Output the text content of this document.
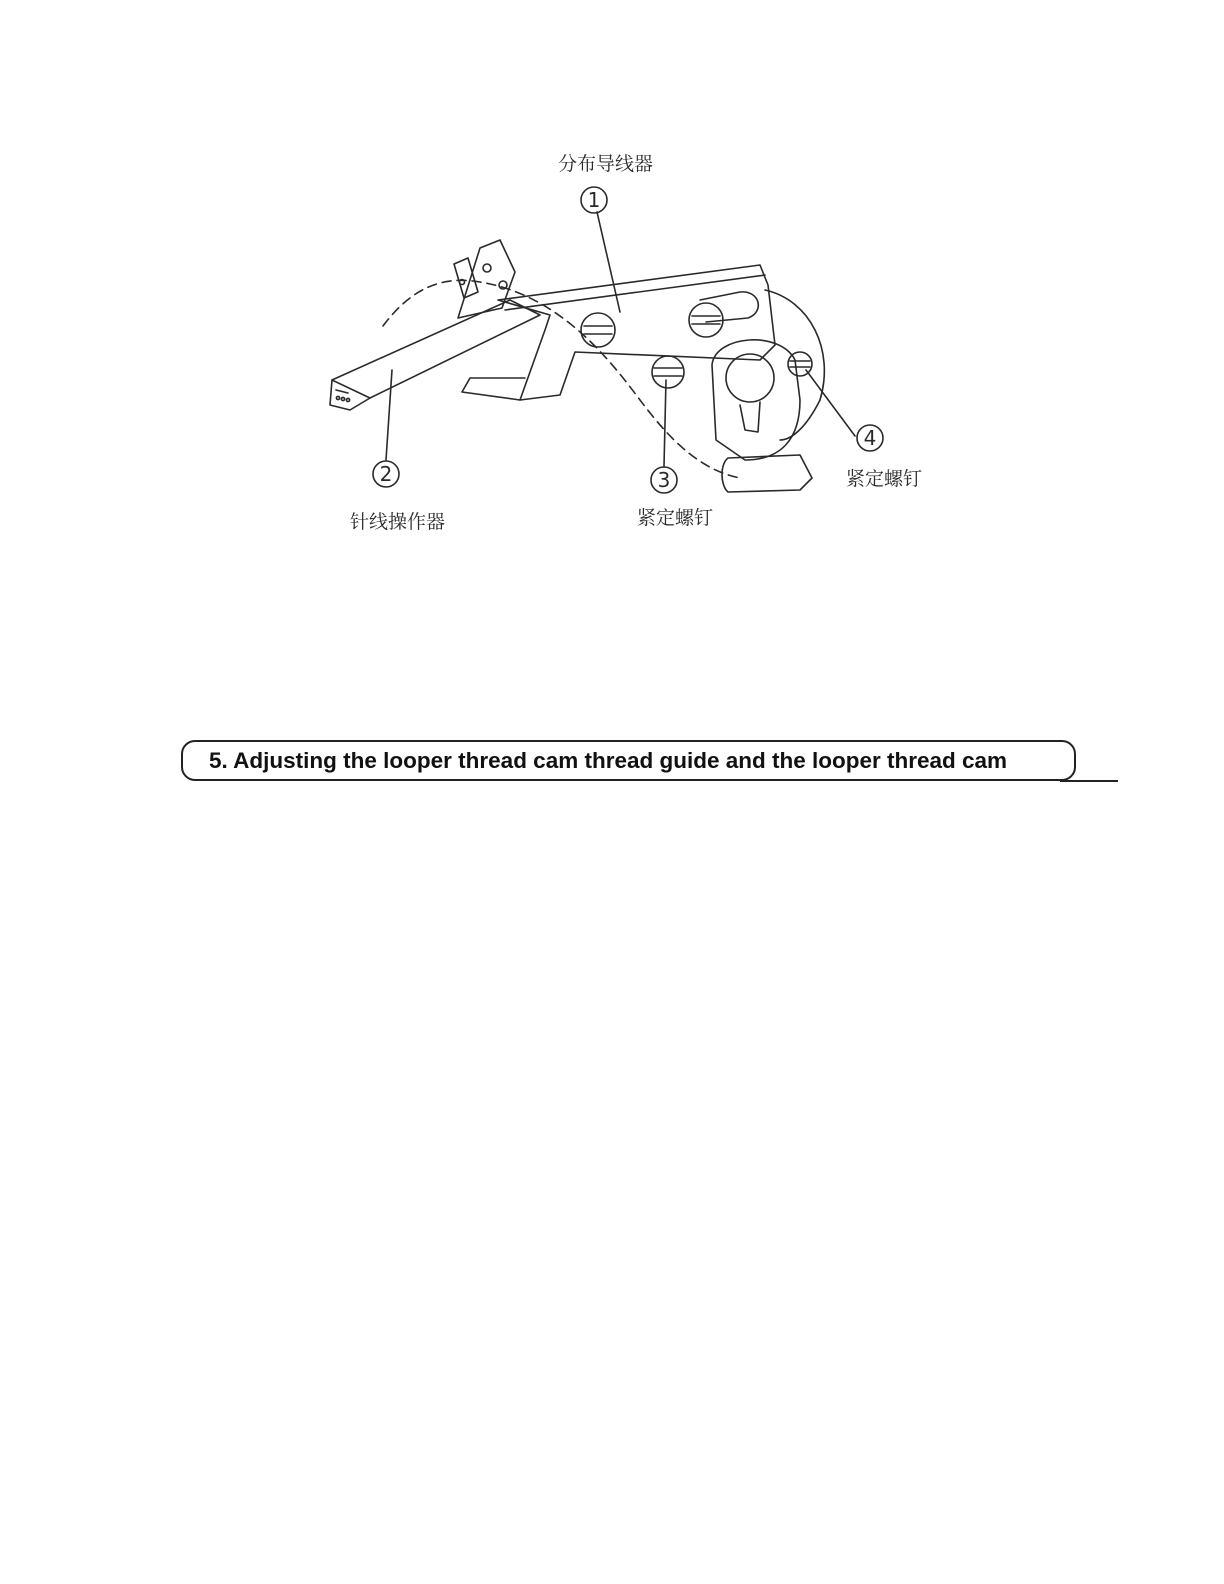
1
2	3
4
分布导线器
针线操作器	紧定螺钉
紧定螺钉
5. Adjusting the looper thread cam thread guide and the looper thread cam
